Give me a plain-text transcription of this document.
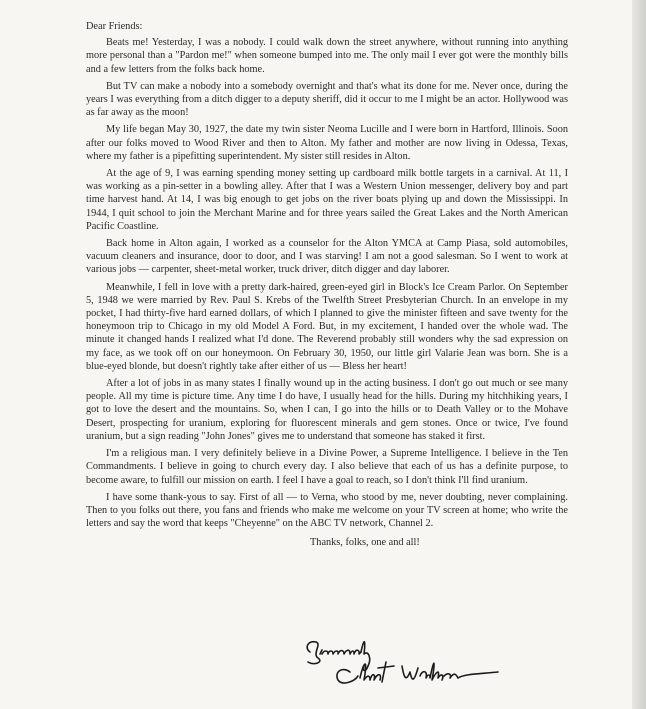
Dear Friends:

Beats me! Yesterday, I was a nobody. I could walk down the street anywhere, without running into anything more personal than a "Pardon me!" when someone bumped into me. The only mail I ever got were the monthly bills and a few letters from the folks back home.

But TV can make a nobody into a somebody overnight and that's what its done for me. Never once, during the years I was everything from a ditch digger to a deputy sheriff, did it occur to me I might be an actor. Hollywood was as far away as the moon!

My life began May 30, 1927, the date my twin sister Neoma Lucille and I were born in Hartford, Illinois. Soon after our folks moved to Wood River and then to Alton. My father and mother are now living in Odessa, Texas, where my father is a pipefitting superintendent. My sister still resides in Alton.

At the age of 9, I was earning spending money setting up cardboard milk bottle targets in a carnival. At 11, I was working as a pin-setter in a bowling alley. After that I was a Western Union messenger, delivery boy and part time harvest hand. At 14, I was big enough to get jobs on the river boats plying up and down the Mississippi. In 1944, I quit school to join the Merchant Marine and for three years sailed the Great Lakes and the North American Pacific Coastline.

Back home in Alton again, I worked as a counselor for the Alton YMCA at Camp Piasa, sold automobiles, vacuum cleaners and insurance, door to door, and I was starving! I am not a good salesman. So I went to work at various jobs — carpenter, sheet-metal worker, truck driver, ditch digger and day laborer.

Meanwhile, I fell in love with a pretty dark-haired, green-eyed girl in Block's Ice Cream Parlor. On September 5, 1948 we were married by Rev. Paul S. Krebs of the Twelfth Street Presbyterian Church. In an envelope in my pocket, I had thirty-five hard earned dollars, of which I planned to give the minister fifteen and save twenty for the honeymoon trip to Chicago in my old Model A Ford. But, in my excitement, I handed over the whole wad. The minute it changed hands I realized what I'd done. The Reverend probably still wonders why the sad expression on my face, as we took off on our honeymoon. On February 30, 1950, our little girl Valarie Jean was born. She is a blue-eyed blonde, but doesn't rightly take after either of us — Bless her heart!

After a lot of jobs in as many states I finally wound up in the acting business. I don't go out much or see many people. All my time is picture time. Any time I do have, I usually head for the hills. During my hitchhiking years, I got to love the desert and the mountains. So, when I can, I go into the hills or to Death Valley or to the Mohave Desert, prospecting for uranium, exploring for fluorescent minerals and gem stones. Once or twice, I've found uranium, but a sign reading "John Jones" gives me to understand that someone has staked it first.

I'm a religious man. I very definitely believe in a Divine Power, a Supreme Intelligence. I believe in the Ten Commandments. I believe in going to church every day. I also believe that each of us has a definite purpose, to become aware, to fulfill our mission on earth. I feel I have a goal to reach, so I don't think I'll find uranium.

I have some thank-yous to say. First of all — to Verna, who stood by me, never doubting, never complaining. Then to you folks out there, you fans and friends who make me welcome on your TV screen at home; who write the letters and say the word that keeps "Cheyenne" on the ABC TV network, Channel 2.

Thanks, folks, one and all!
